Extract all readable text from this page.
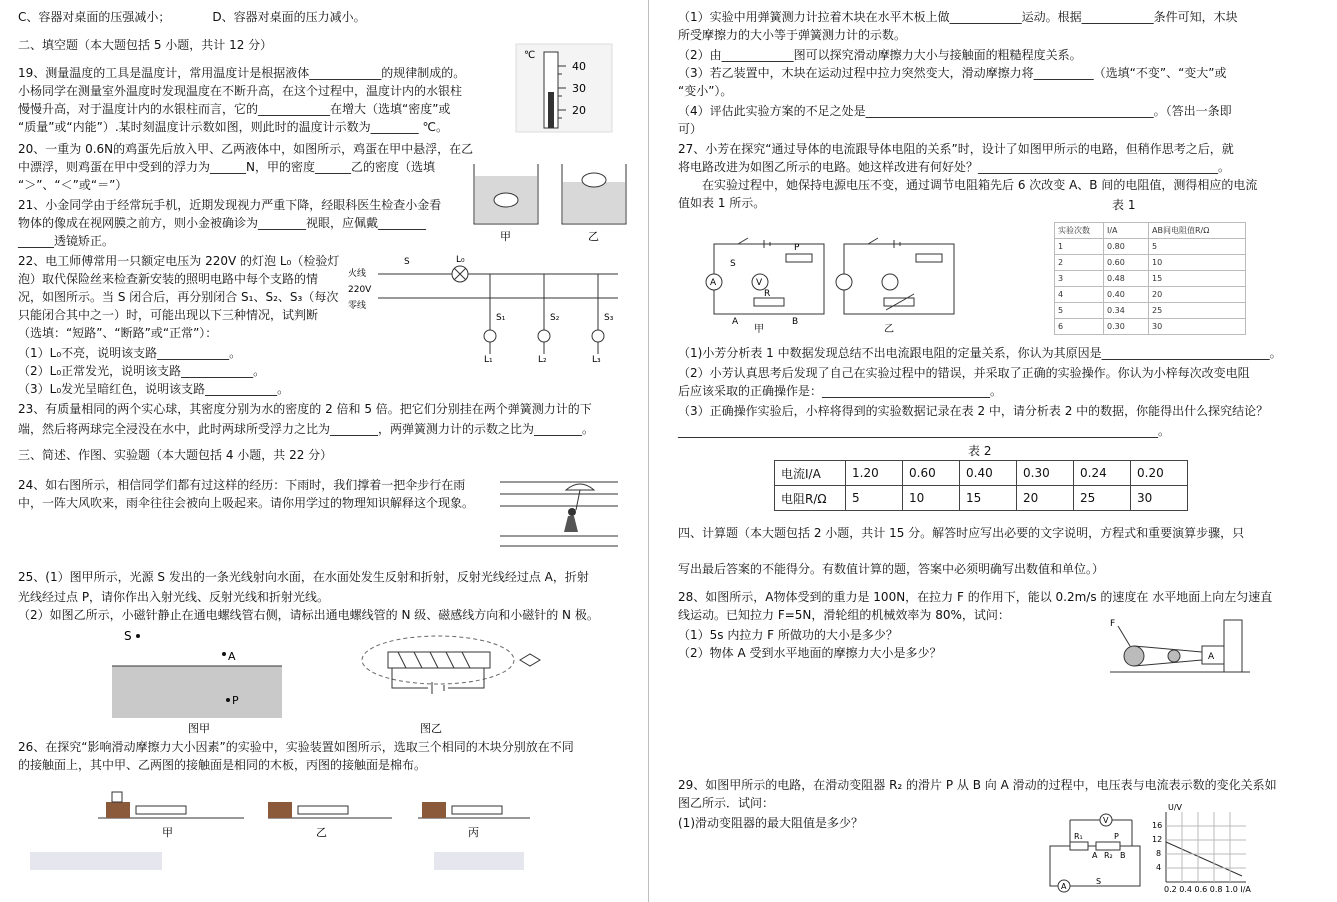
C、容器对桌面的压强减小；　　　　D、容器对桌面的压力减小。
二、填空题（本大题包括 5 小题，共计 12 分）
19、测量温度的工具是温度计，常用温度计是根据液体____________的规律制成的。
小杨同学在测量室外温度时发现温度在不断升高，在这个过程中，温度计内的水银柱
慢慢升高，对于温度计内的水银柱而言，它的____________在增大（选填“密度”或
“质量”或“内能”）.某时刻温度计示数如图，则此时的温度计示数为________ ℃。
20、一重为 0.6N的鸡蛋先后放入甲、乙两液体中，如图所示，鸡蛋在甲中悬浮，在乙
中漂浮，则鸡蛋在甲中受到的浮力为______N，甲的密度______乙的密度（选填
“＞”、“＜”或“＝”）
21、小金同学由于经常玩手机，近期发现视力严重下降，经眼科医生检查小金看
物体的像成在视网膜之前方，则小金被确诊为________视眼，应佩戴________
______透镜矫正。
22、电工师傅常用一只额定电压为 220V 的灯泡 L₀（检验灯
泡）取代保险丝来检查新安装的照明电路中每个支路的情
况，如图所示。当 S 闭合后，再分别闭合 S₁、S₂、S₃（每次
只能闭合其中之一）时，可能出现以下三种情况，试判断
（选填：“短路”、“断路”或“正常”）：
（1）L₀不亮，说明该支路____________。
（2）L₀正常发光，说明该支路____________。
（3）L₀发光呈暗红色，说明该支路____________。
23、有质量相同的两个实心球，其密度分别为水的密度的 2 倍和 5 倍。把它们分别挂在两个弹簧测力计的下
端，然后将两球完全浸没在水中，此时两球所受浮力之比为________，两弹簧测力计的示数之比为________。
三、简述、作图、实验题（本大题包括 4 小题，共 22 分）
24、如右图所示，相信同学们都有过这样的经历：下雨时，我们撑着一把伞步行在雨
中，一阵大风吹来，雨伞往往会被向上吸起来。请你用学过的物理知识解释这个现象。
25、(1）图甲所示，光源 S 发出的一条光线射向水面，在水面处发生反射和折射，反射光线经过点 A，折射
光线经过点 P，请你作出入射光线、反射光线和折射光线。
（2）如图乙所示，小磁针静止在通电螺线管右侧，请标出通电螺线管的 N 级、磁感线方向和小磁针的 N 极。
26、在探究“影响滑动摩擦力大小因素”的实验中，实验装置如图所示，选取三个相同的木块分别放在不同
的接触面上，其中甲、乙两图的接触面是相同的木板，丙图的接触面是棉布。
40
30
20
℃
甲	乙
火线
220V
零线
S	L₀
S₁	S₂	S₃
L₁	L₂	L₃
S
A
P
图甲	图乙
甲	乙	丙
（1）实验中用弹簧测力计拉着木块在水平木板上做____________运动。根据____________条件可知，木块
所受摩擦力的大小等于弹簧测力计的示数。
（2）由____________图可以探究滑动摩擦力大小与接触面的粗糙程度关系。
（3）若乙装置中，木块在运动过程中拉力突然变大，滑动摩擦力将__________（选填“不变”、“变大”或
“变小”）。
（4）评估此实验方案的不足之处是________________________________________________。（答出一条即
可）
27、小芳在探究“通过导体的电流跟导体电阻的关系”时，设计了如图甲所示的电路，但稍作思考之后，就
将电路改进为如图乙所示的电路。她这样改进有何好处？________________________________________。
　　在实验过程中，她保持电源电压不变，通过调节电阻箱先后 6 次改变 A、B 间的电阻值，测得相应的电流
值如表 1 所示。
（1)小芳分析表 1 中数据发现总结不出电流跟电阻的定量关系，你认为其原因是____________________________。
（2）小芳认真思考后发现了自己在实验过程中的错误，并采取了正确的实验操作。你认为小梓每次改变电阻
后应该采取的正确操作是：____________________________。
（3）正确操作实验后，小梓将得到的实验数据记录在表 2 中，请分析表 2 中的数据，你能得出什么探究结论？
________________________________________________________________________________。
四、计算题（本大题包括 2 小题，共计 15 分。解答时应写出必要的文字说明，方程式和重要演算步骤，只
写出最后答案的不能得分。有数值计算的题，答案中必须明确写出数值和单位。）
28、如图所示，A物体受到的重力是 100N，在拉力 F 的作用下，能以 0.2m/s 的速度在 水平地面上向左匀速直
线运动。已知拉力 F=5N，滑轮组的机械效率为 80%，试问：
（1）5s 内拉力 F 所做功的大小是多少？
（2）物体 A 受到水平地面的摩擦力大小是多少？
29、如图甲所示的电路，在滑动变阻器 R₂ 的滑片 P 从 B 向 A 滑动的过程中，电压表与电流表示数的变化关系如
图乙所示．试问：
(1)滑动变阻器的最大阻值是多少？
S
P
V
A
R
A	B
甲	乙
表 1
实验次数	I/A	AB间电阻值R/Ω
1	0.80	5
2	0.60	10
3	0.48	15
4	0.40	20
5	0.34	25
6	0.30	30
表 2
电流I/A	1.20	0.60	0.40	0.30	0.24	0.20
电阻R/Ω	5	10	15	20	25	30
F
A
R₁
V
P
A R₂ B
A
S
U/V
16
12
8
4
0.2 0.4 0.6 0.8 1.0 I/A
